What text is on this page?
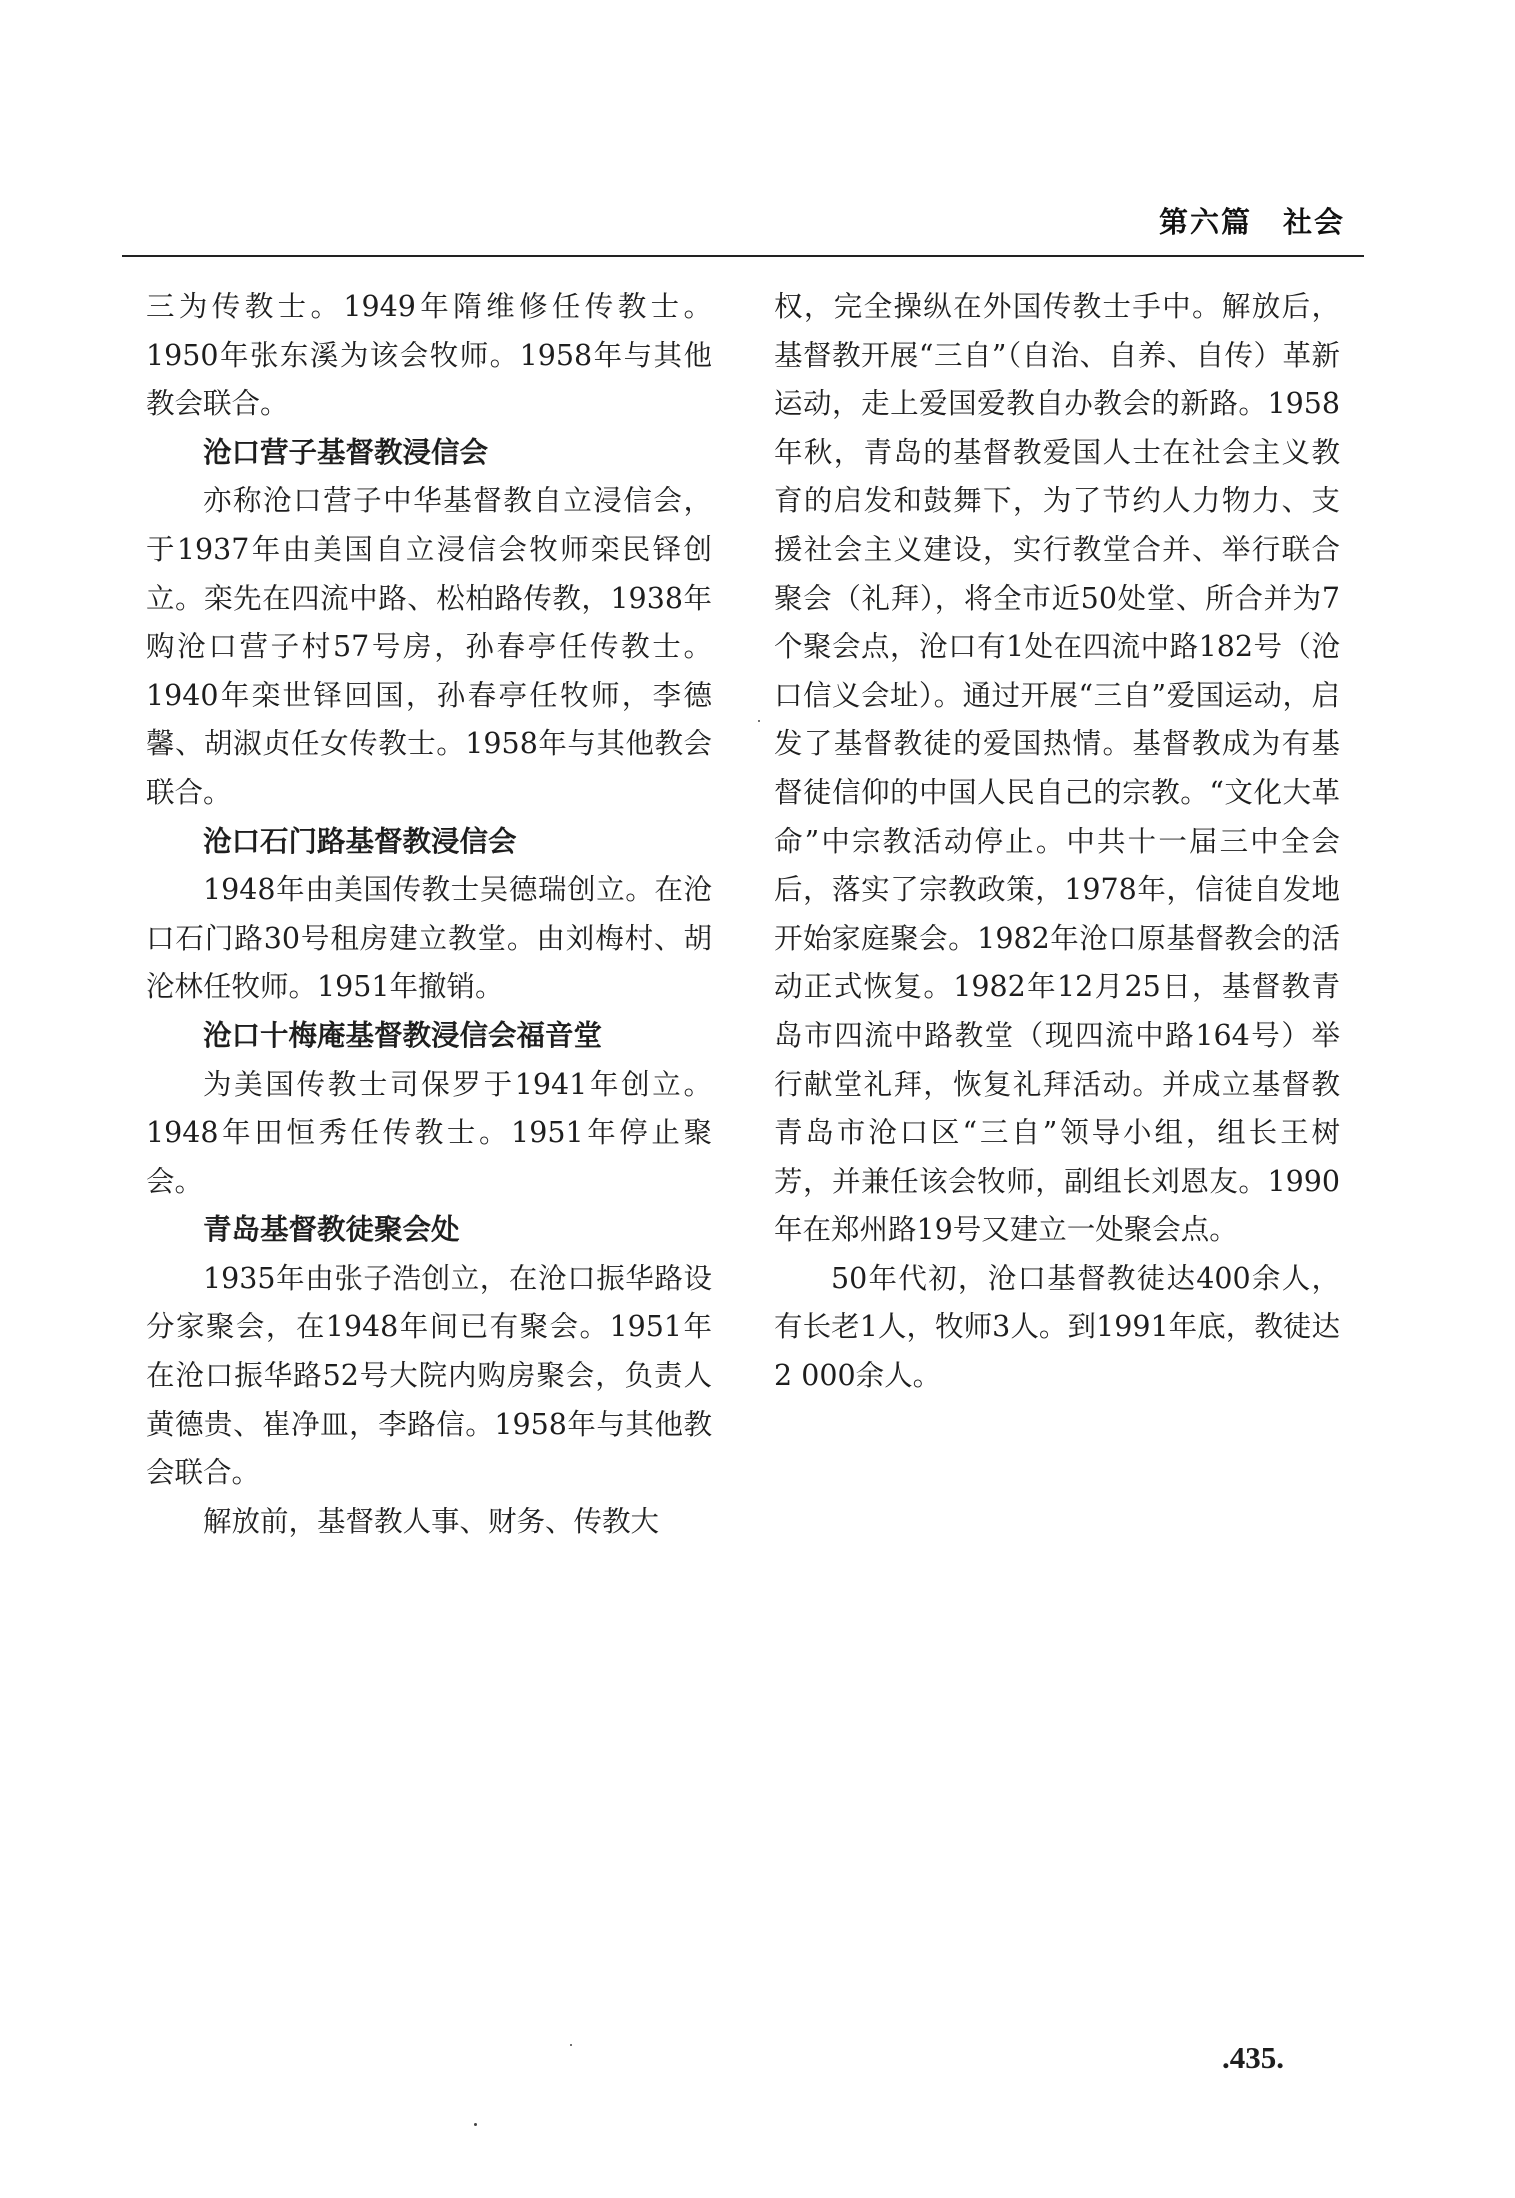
第六篇　社会

三为传教士。1949年隋维修任传教士。1950年张东溪为该会牧师。1958年与其他教会联合。

沧口营子基督教浸信会

亦称沧口营子中华基督教自立浸信会，于1937年由美国自立浸信会牧师栾民铎创立。栾先在四流中路、松柏路传教，1938年购沧口营子村57号房，孙春亭任传教士。1940年栾世铎回国，孙春亭任牧师，李德馨、胡淑贞任女传教士。1958年与其他教会联合。

沧口石门路基督教浸信会

1948年由美国传教士吴德瑞创立。在沧口石门路30号租房建立教堂。由刘梅村、胡沦林任牧师。1951年撤销。

沧口十梅庵基督教浸信会福音堂

为美国传教士司保罗于1941年创立。1948年田恒秀任传教士。1951年停止聚会。

青岛基督教徒聚会处

1935年由张子浩创立，在沧口振华路设分家聚会，在1948年间已有聚会。1951年在沧口振华路52号大院内购房聚会，负责人黄德贵、崔净皿，李路信。1958年与其他教会联合。

解放前，基督教人事、财务、传教大

权，完全操纵在外国传教士手中。解放后，基督教开展“三自”（自治、自养、自传）革新运动，走上爱国爱教自办教会的新路。1958年秋，青岛的基督教爱国人士在社会主义教育的启发和鼓舞下，为了节约人力物力、支援社会主义建设，实行教堂合并、举行联合聚会（礼拜），将全市近50处堂、所合并为7个聚会点，沧口有1处在四流中路182号（沧口信义会址）。通过开展“三自”爱国运动，启发了基督教徒的爱国热情。基督教成为有基督徒信仰的中国人民自己的宗教。“文化大革命”中宗教活动停止。中共十一届三中全会后，落实了宗教政策，1978年，信徒自发地开始家庭聚会。1982年沧口原基督教会的活动正式恢复。1982年12月25日，基督教青岛市四流中路教堂（现四流中路164号）举行献堂礼拜，恢复礼拜活动。并成立基督教青岛市沧口区“三自”领导小组，组长王树芳，并兼任该会牧师，副组长刘恩友。1990年在郑州路19号又建立一处聚会点。

50年代初，沧口基督教徒达400余人，有长老1人，牧师3人。到1991年底，教徒达2 000余人。

.435.
